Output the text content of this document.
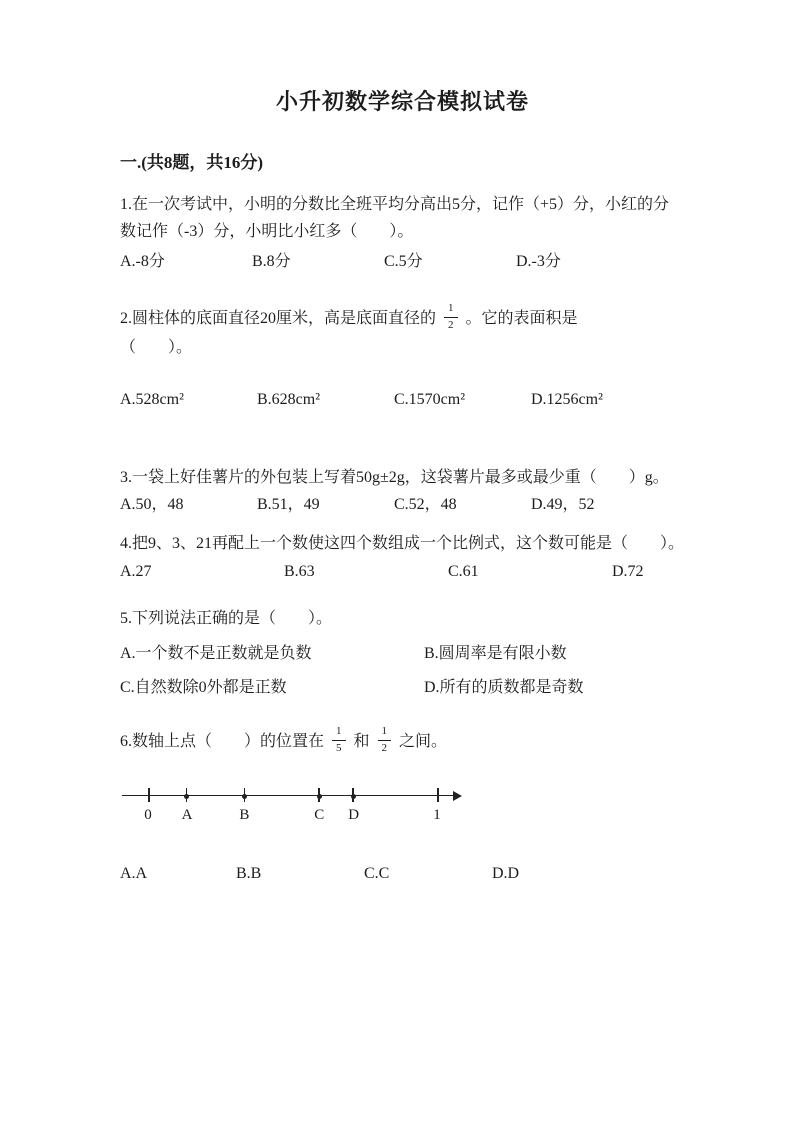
小升初数学综合模拟试卷
一.(共8题，共16分)

1.在一次考试中，小明的分数比全班平均分高出5分，记作（+5）分，小红的分数记作（-3）分，小明比小红多（　　）。

A.-8分	B.8分	C.5分	D.-3分

2.圆柱体的底面直径20厘米，高是底面直径的 $\frac{1}{2}$ 。它的表面积是

（　　）。

A.528cm²	B.628cm²	C.1570cm²	D.1256cm²

3.一袋上好佳薯片的外包装上写着50g±2g，这袋薯片最多或最少重（　　）g。

A.50，48	B.51，49	C.52，48	D.49，52

4.把9、3、21再配上一个数使这四个数组成一个比例式，这个数可能是（　　）。

A.27	B.63	C.61	D.72

5.下列说法正确的是（　　）。

A.一个数不是正数就是负数	B.圆周率是有限小数
C.自然数除0外都是正数	D.所有的质数都是奇数

6.数轴上点（　　）的位置在 $\frac{1}{5}$ 和 $\frac{1}{2}$ 之间。

0 A	B	C D	1
A.A	B.B	C.C	D.D
